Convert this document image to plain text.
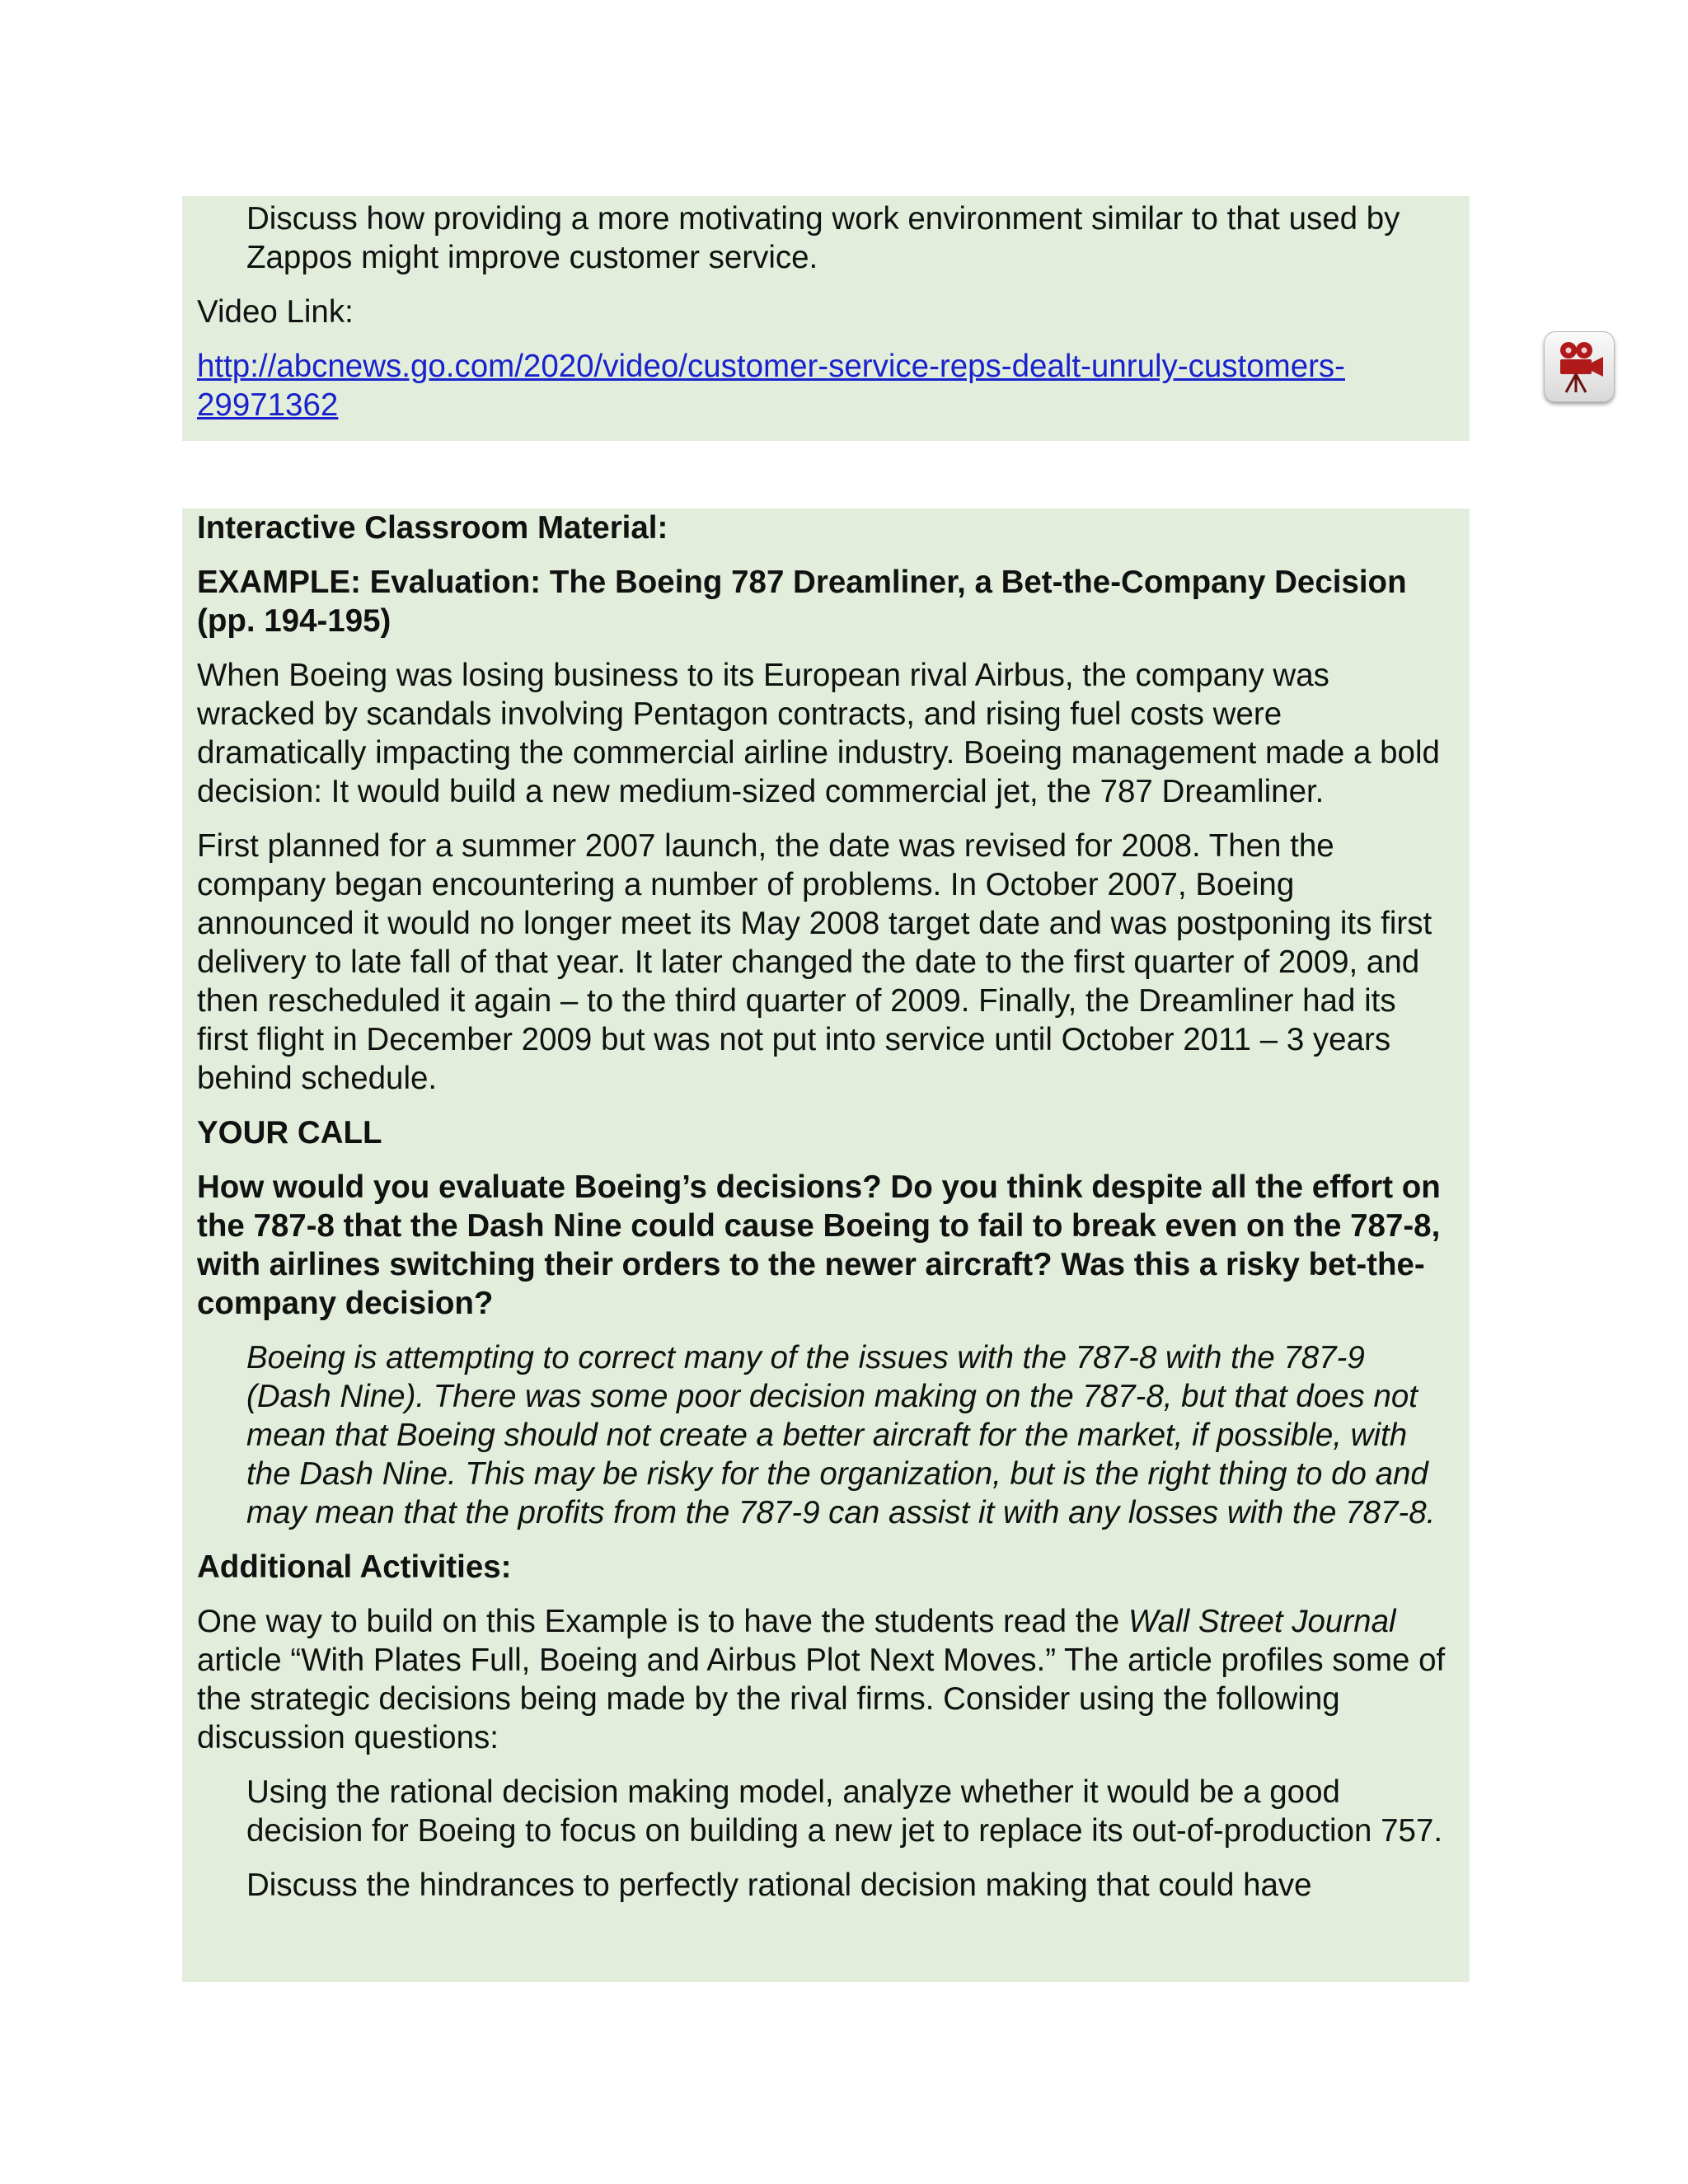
Discuss how providing a more motivating work environment similar to that used by Zappos might improve customer service.

Video Link:

http://abcnews.go.com/2020/video/customer-service-reps-dealt-unruly-customers-29971362

Interactive Classroom Material:

EXAMPLE: Evaluation: The Boeing 787 Dreamliner, a Bet-the-Company Decision (pp. 194-195)

When Boeing was losing business to its European rival Airbus, the company was wracked by scandals involving Pentagon contracts, and rising fuel costs were dramatically impacting the commercial airline industry. Boeing management made a bold decision: It would build a new medium-sized commercial jet, the 787 Dreamliner.

First planned for a summer 2007 launch, the date was revised for 2008. Then the company began encountering a number of problems. In October 2007, Boeing announced it would no longer meet its May 2008 target date and was postponing its first delivery to late fall of that year. It later changed the date to the first quarter of 2009, and then rescheduled it again – to the third quarter of 2009. Finally, the Dreamliner had its first flight in December 2009 but was not put into service until October 2011 – 3 years behind schedule.

YOUR CALL

How would you evaluate Boeing’s decisions? Do you think despite all the effort on the 787-8 that the Dash Nine could cause Boeing to fail to break even on the 787-8, with airlines switching their orders to the newer aircraft? Was this a risky bet-the-company decision?

Boeing is attempting to correct many of the issues with the 787-8 with the 787-9 (Dash Nine). There was some poor decision making on the 787-8, but that does not mean that Boeing should not create a better aircraft for the market, if possible, with the Dash Nine. This may be risky for the organization, but is the right thing to do and may mean that the profits from the 787-9 can assist it with any losses with the 787-8.

Additional Activities:

One way to build on this Example is to have the students read the Wall Street Journal article “With Plates Full, Boeing and Airbus Plot Next Moves.” The article profiles some of the strategic decisions being made by the rival firms. Consider using the following discussion questions:

Using the rational decision making model, analyze whether it would be a good decision for Boeing to focus on building a new jet to replace its out-of-production 757.

Discuss the hindrances to perfectly rational decision making that could have
